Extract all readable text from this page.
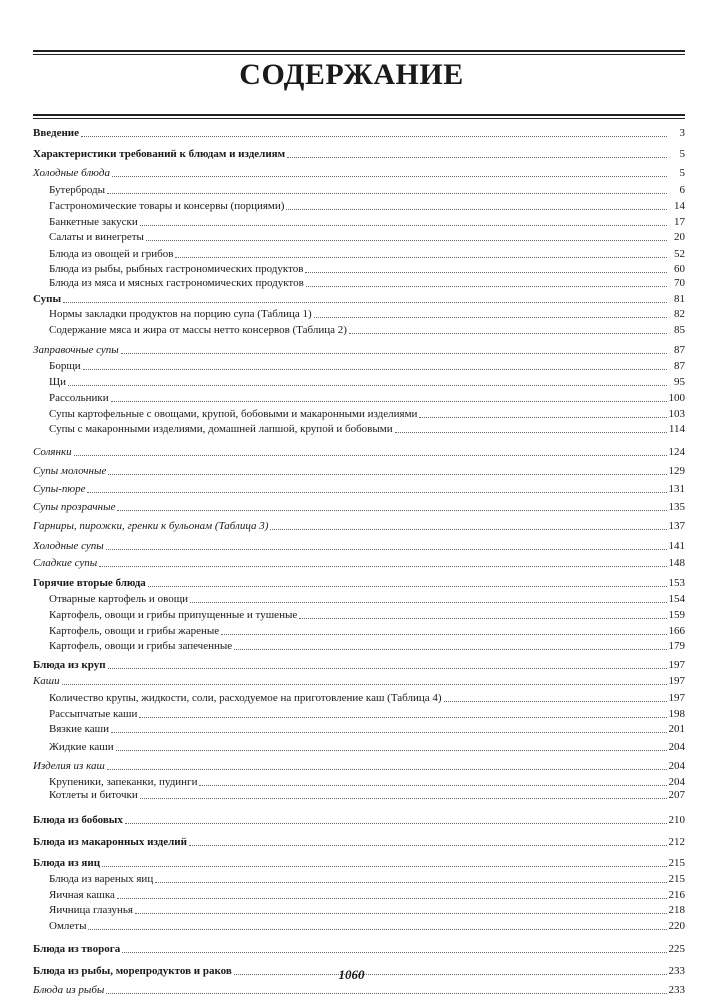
СОДЕРЖАНИЕ
Введение	3
Характеристики требований к блюдам и изделиям	5
Холодные блюда	5
Бутерброды	6
Гастрономические товары и консервы (порциями)	14
Банкетные закуски	17
Салаты и винегреты	20
Блюда из овощей и грибов	52
Блюда из рыбы, рыбных гастрономических продуктов	60
Блюда из мяса и мясных гастрономических продуктов	70
Супы	81
Нормы закладки продуктов на порцию супа (Таблица 1)	82
Содержание мяса и жира от массы нетто консервов (Таблица 2)	85
Заправочные супы	87
Борщи	87
Щи	95
Рассольники	100
Супы картофельные с овощами, крупой, бобовыми и макаронными изделиями	103
Супы с макаронными изделиями, домашней лапшой, крупой и бобовыми	114
Солянки	124
Супы молочные	129
Супы-пюре	131
Супы прозрачные	135
Гарниры, пирожки, гренки к бульонам (Таблица 3)	137
Холодные супы	141
Сладкие супы	148
Горячие вторые блюда	153
Отварные картофель и овощи	154
Картофель, овощи и грибы припущенные и тушеные	159
Картофель, овощи и грибы жареные	166
Картофель, овощи и грибы запеченные	179
Блюда из круп	197
Каши	197
Количество крупы, жидкости, соли, расходуемое на приготовление каш (Таблица 4)	197
Рассыпчатые каши	198
Вязкие каши	201
Жидкие каши	204
Изделия из каш	204
Крупеники, запеканки, пудинги	204
Котлеты и биточки	207
Блюда из бобовых	210
Блюда из макаронных изделий	212
Блюда из яиц	215
Блюда из вареных яиц	215
Яичная кашка	216
Яичница глазунья	218
Омлеты	220
Блюда из творога	225
Блюда из рыбы, морепродуктов и раков	233
Блюда из рыбы	233
1060
